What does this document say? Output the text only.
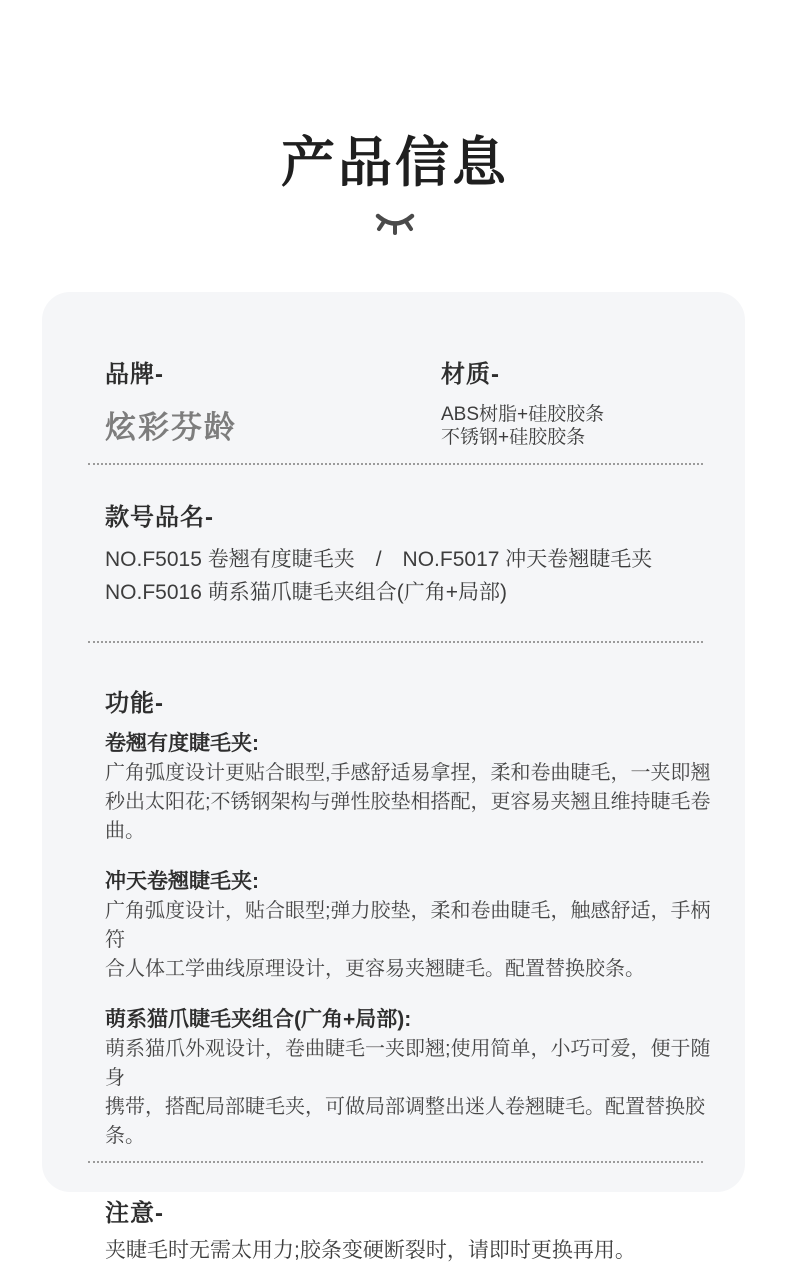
产品信息
品牌-
炫彩芬龄
材质-
ABS树脂+硅胶胶条
不锈钢+硅胶胶条
款号品名-
NO.F5015 卷翘有度睫毛夹　/　NO.F5017 冲天卷翘睫毛夹
NO.F5016 萌系猫爪睫毛夹组合(广角+局部)
功能-
卷翘有度睫毛夹:
广角弧度设计更贴合眼型,手感舒适易拿捏，柔和卷曲睫毛，一夹即翘
秒出太阳花;不锈钢架构与弹性胶垫相搭配，更容易夹翘且维持睫毛卷曲。
冲天卷翘睫毛夹:
广角弧度设计，贴合眼型;弹力胶垫，柔和卷曲睫毛，触感舒适，手柄符
合人体工学曲线原理设计，更容易夹翘睫毛。配置替换胶条。
萌系猫爪睫毛夹组合(广角+局部):
萌系猫爪外观设计，卷曲睫毛一夹即翘;使用简单，小巧可爱，便于随身
携带，搭配局部睫毛夹，可做局部调整出迷人卷翘睫毛。配置替换胶条。
注意-
夹睫毛时无需太用力;胶条变硬断裂时，请即时更换再用。
